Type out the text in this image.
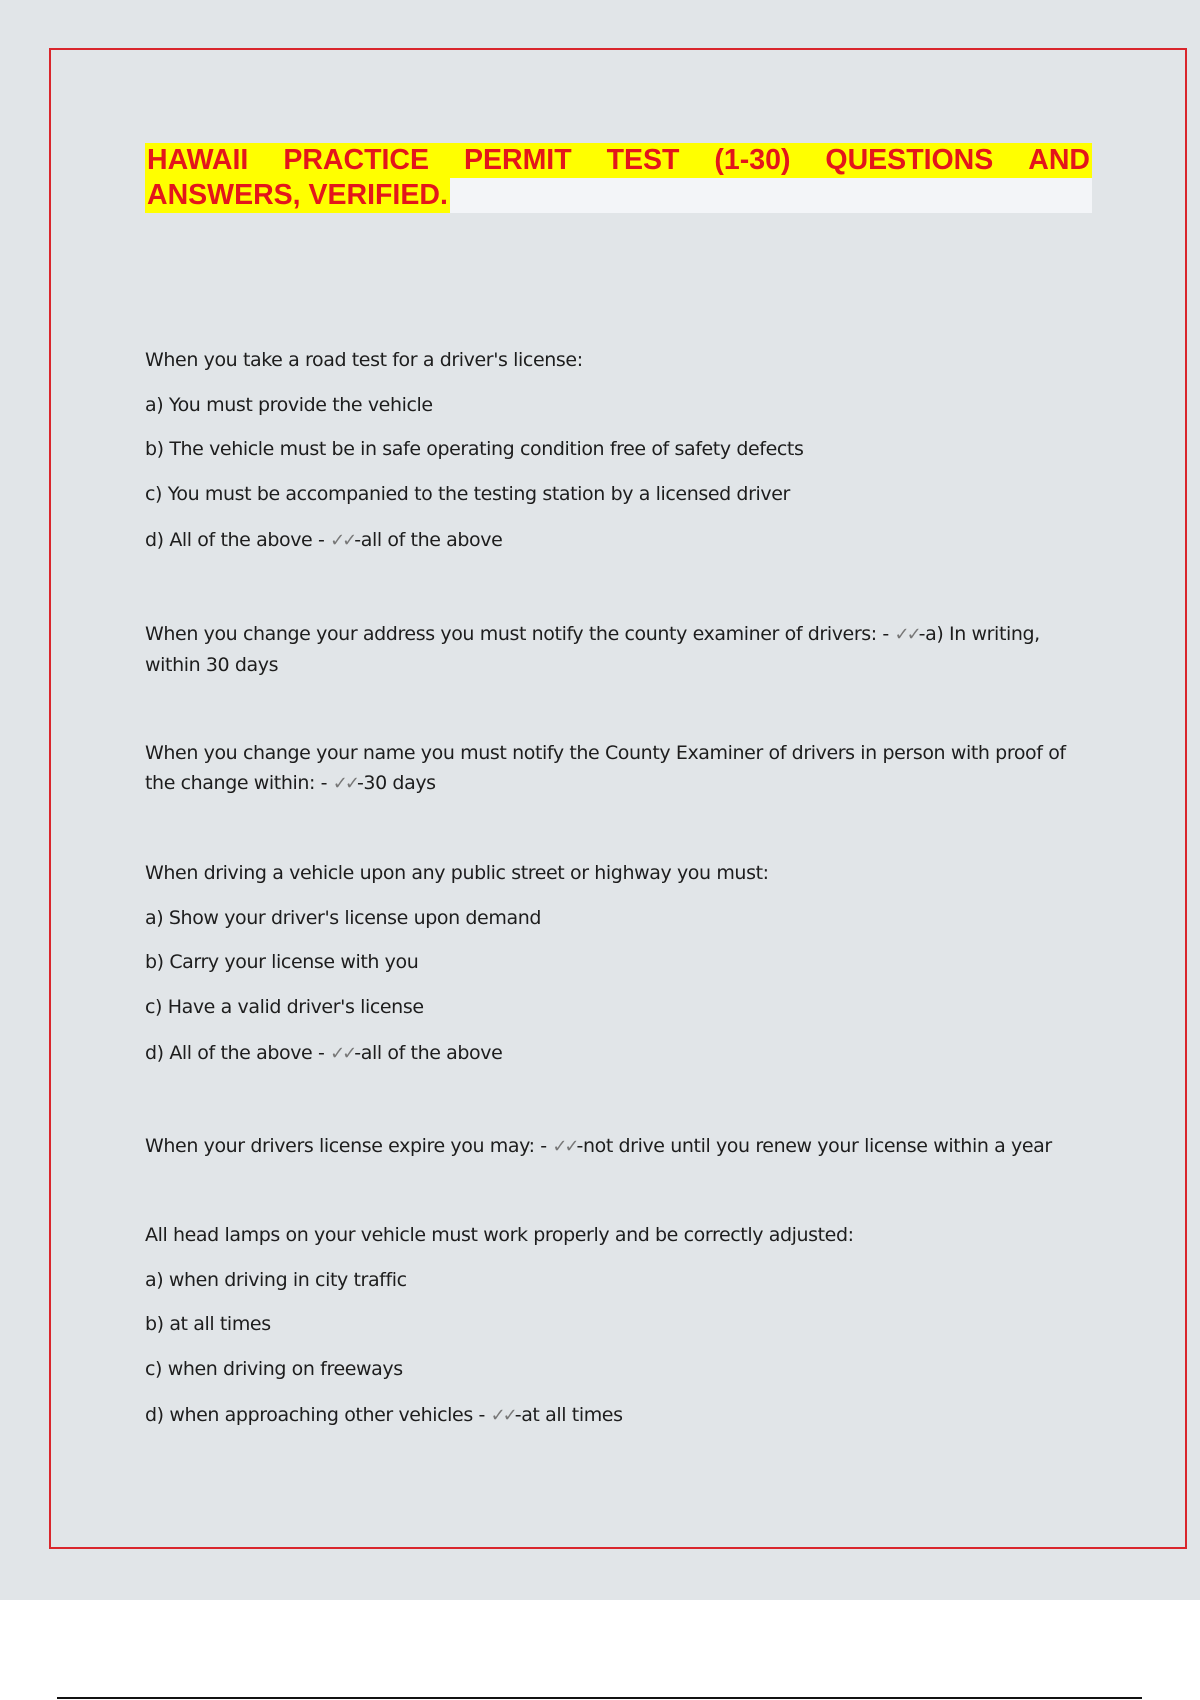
HAWAII PRACTICE PERMIT TEST (1-30) QUESTIONS AND
ANSWERS, VERIFIED.
When you take a road test for a driver's license:
a) You must provide the vehicle
b) The vehicle must be in safe operating condition free of safety defects
c) You must be accompanied to the testing station by a licensed driver
d) All of the above - ✓✓-all of the above
When you change your address you must notify the county examiner of drivers: - ✓✓-a) In writing, within 30 days
When you change your name you must notify the County Examiner of drivers in person with proof of the change within: - ✓✓-30 days
When driving a vehicle upon any public street or highway you must:
a) Show your driver's license upon demand
b) Carry your license with you
c) Have a valid driver's license
d) All of the above - ✓✓-all of the above
When your drivers license expire you may: - ✓✓-not drive until you renew your license within a year
All head lamps on your vehicle must work properly and be correctly adjusted:
a) when driving in city traffic
b) at all times
c) when driving on freeways
d) when approaching other vehicles - ✓✓-at all times
